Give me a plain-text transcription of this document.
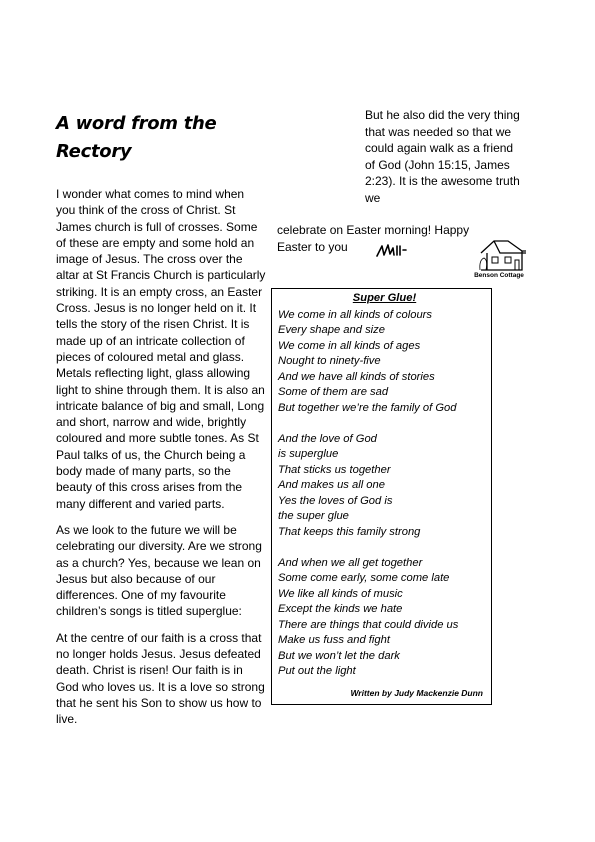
A word from the
Rectory

I wonder what comes to mind when you think of the cross of Christ. St James church is full of crosses. Some of these are empty and some hold an image of Jesus. The cross over the altar at St Francis Church is particularly striking. It is an empty cross, an Easter Cross. Jesus is no longer held on it. It tells the story of the risen Christ. It is made up of an intricate collection of pieces of coloured metal and glass. Metals reflecting light, glass allowing light to shine through them. It is also an intricate balance of big and small, Long and short, narrow and wide, brightly coloured and more subtle tones. As St Paul talks of us, the Church being a body made of many parts, so the beauty of this cross arises from the many different and varied parts.

As we look to the future we will be celebrating our diversity. Are we strong as a church? Yes, because we lean on Jesus but also because of our differences. One of my favourite children’s songs is titled superglue:

At the centre of our faith is a cross that no longer holds Jesus. Jesus defeated death. Christ is risen! Our faith is in God who loves us. It is a love so strong that he sent his Son to show us how to live.

But he also did the very thing that was needed so that we could again walk as a friend of God (John 15:15, James 2:23). It is the awesome truth we
celebrate on Easter morning! Happy Easter to you
Benson Cottage
Super Glue!
We come in all kinds of colours
Every shape and size
We come in all kinds of ages
Nought to ninety-five
And we have all kinds of stories
Some of them are sad
But together we’re the family of God
And the love of God
is superglue
That sticks us together
And makes us all one
Yes the loves of God is
the super glue
That keeps this family strong
And when we all get together
Some come early, some come late
We like all kinds of music
Except the kinds we hate
There are things that could divide us
Make us fuss and fight
But we won’t let the dark
Put out the light
Written by Judy Mackenzie Dunn
